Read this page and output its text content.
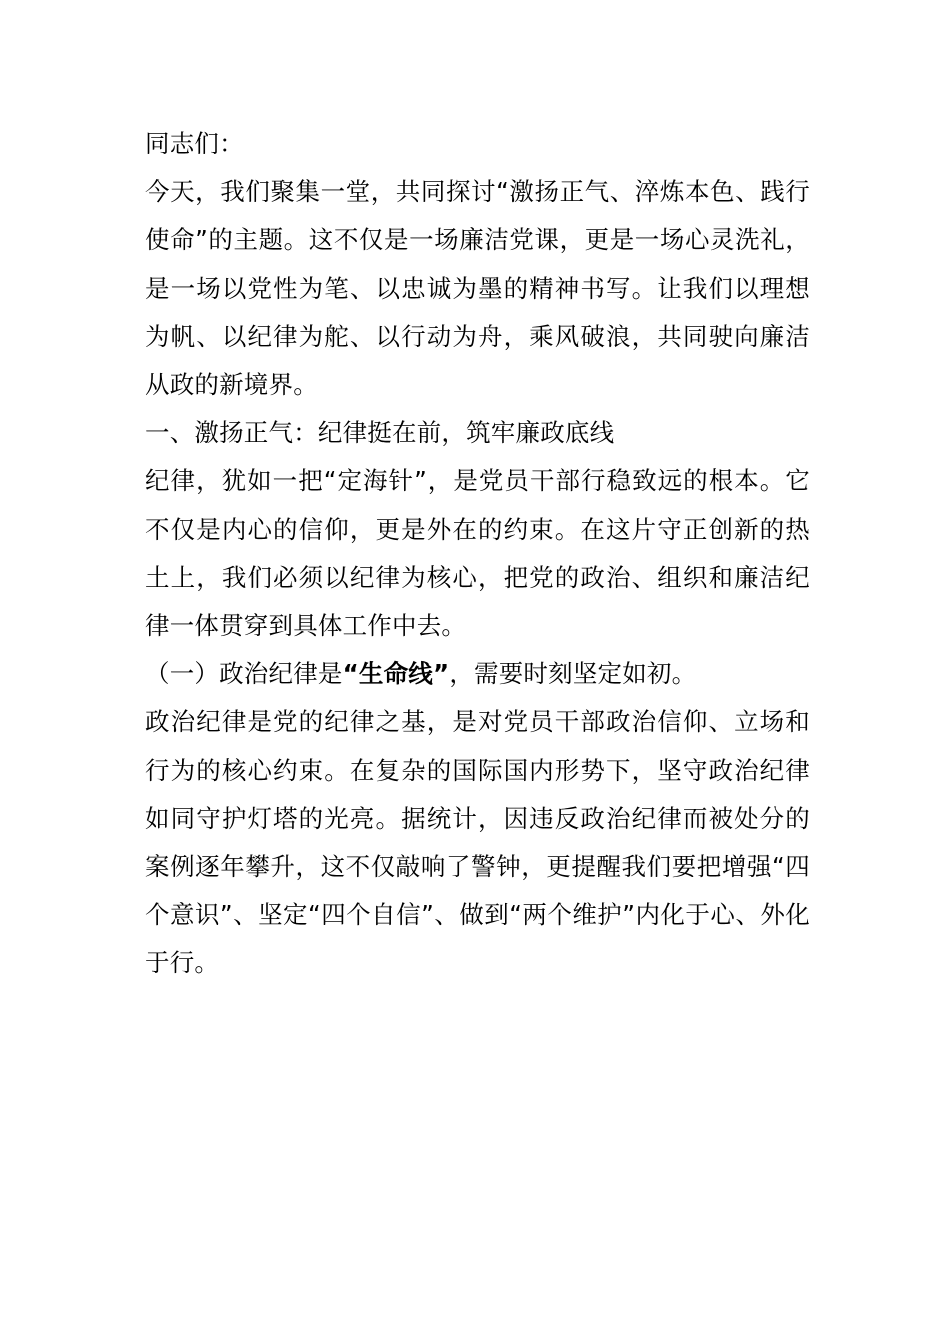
同志们：

今天，我们聚集一堂，共同探讨“激扬正气、淬炼本色、践行使命”的主题。这不仅是一场廉洁党课，更是一场心灵洗礼，是一场以党性为笔、以忠诚为墨的精神书写。让我们以理想为帆、以纪律为舵、以行动为舟，乘风破浪，共同驶向廉洁从政的新境界。

一、激扬正气：纪律挺在前，筑牢廉政底线

纪律，犹如一把“定海针”，是党员干部行稳致远的根本。它不仅是内心的信仰，更是外在的约束。在这片守正创新的热土上，我们必须以纪律为核心，把党的政治、组织和廉洁纪律一体贯穿到具体工作中去。

（一）政治纪律是“生命线”，需要时刻坚定如初。

政治纪律是党的纪律之基，是对党员干部政治信仰、立场和行为的核心约束。在复杂的国际国内形势下，坚守政治纪律如同守护灯塔的光亮。据统计，因违反政治纪律而被处分的案例逐年攀升，这不仅敲响了警钟，更提醒我们要把增强“四个意识”、坚定“四个自信”、做到“两个维护”内化于心、外化于行。
